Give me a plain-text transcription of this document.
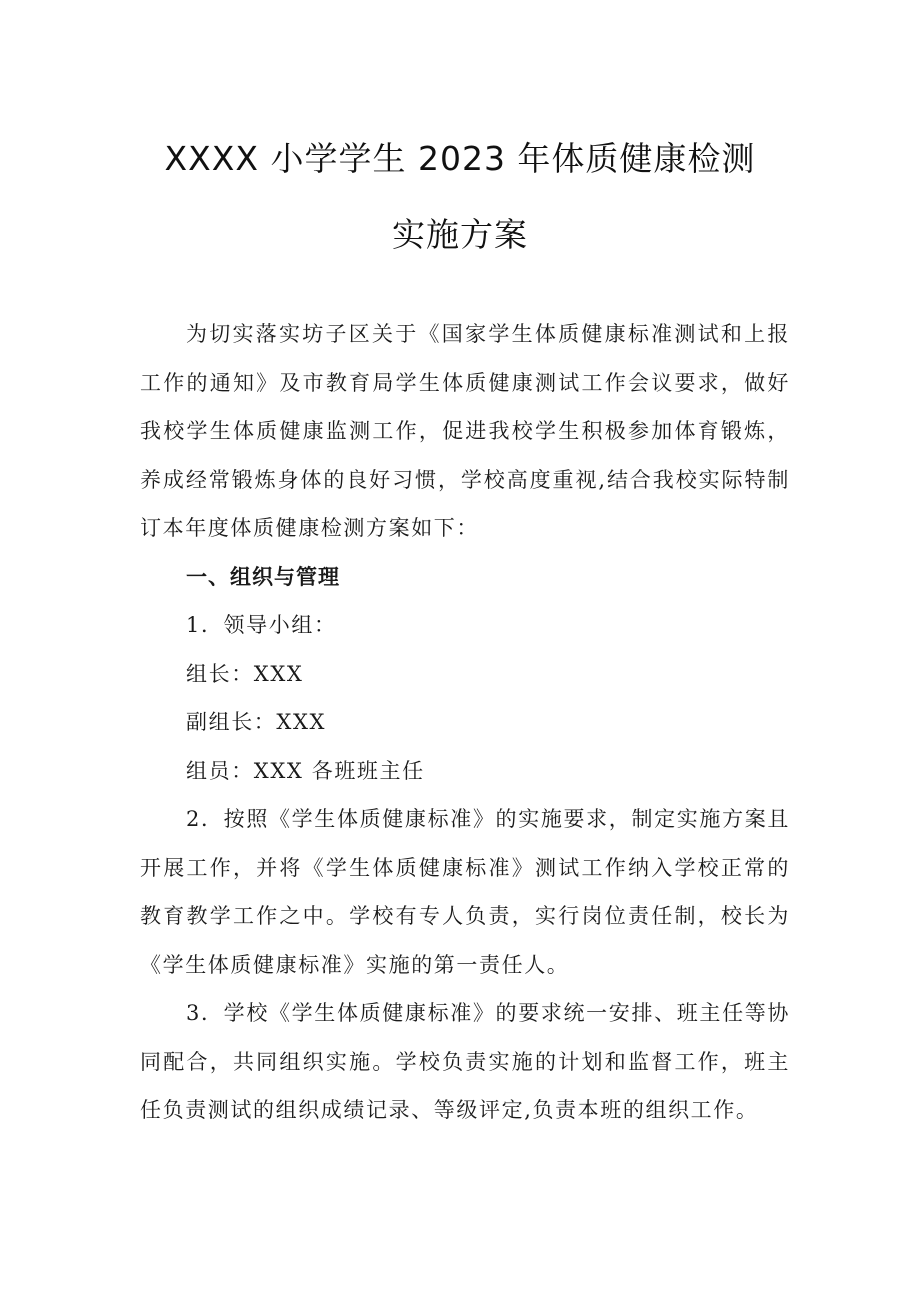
XXXX 小学学生 2023 年体质健康检测
实施方案

为切实落实坊子区关于《国家学生体质健康标准测试和上报工作的通知》及市教育局学生体质健康测试工作会议要求，做好我校学生体质健康监测工作，促进我校学生积极参加体育锻炼，养成经常锻炼身体的良好习惯，学校高度重视,结合我校实际特制订本年度体质健康检测方案如下：

一、组织与管理

1．领导小组：

组长：XXX

副组长：XXX

组员：XXX 各班班主任

2．按照《学生体质健康标准》的实施要求，制定实施方案且开展工作，并将《学生体质健康标准》测试工作纳入学校正常的教育教学工作之中。学校有专人负责，实行岗位责任制，校长为《学生体质健康标准》实施的第一责任人。

3．学校《学生体质健康标准》的要求统一安排、班主任等协同配合，共同组织实施。学校负责实施的计划和监督工作，班主任负责测试的组织成绩记录、等级评定,负责本班的组织工作。
